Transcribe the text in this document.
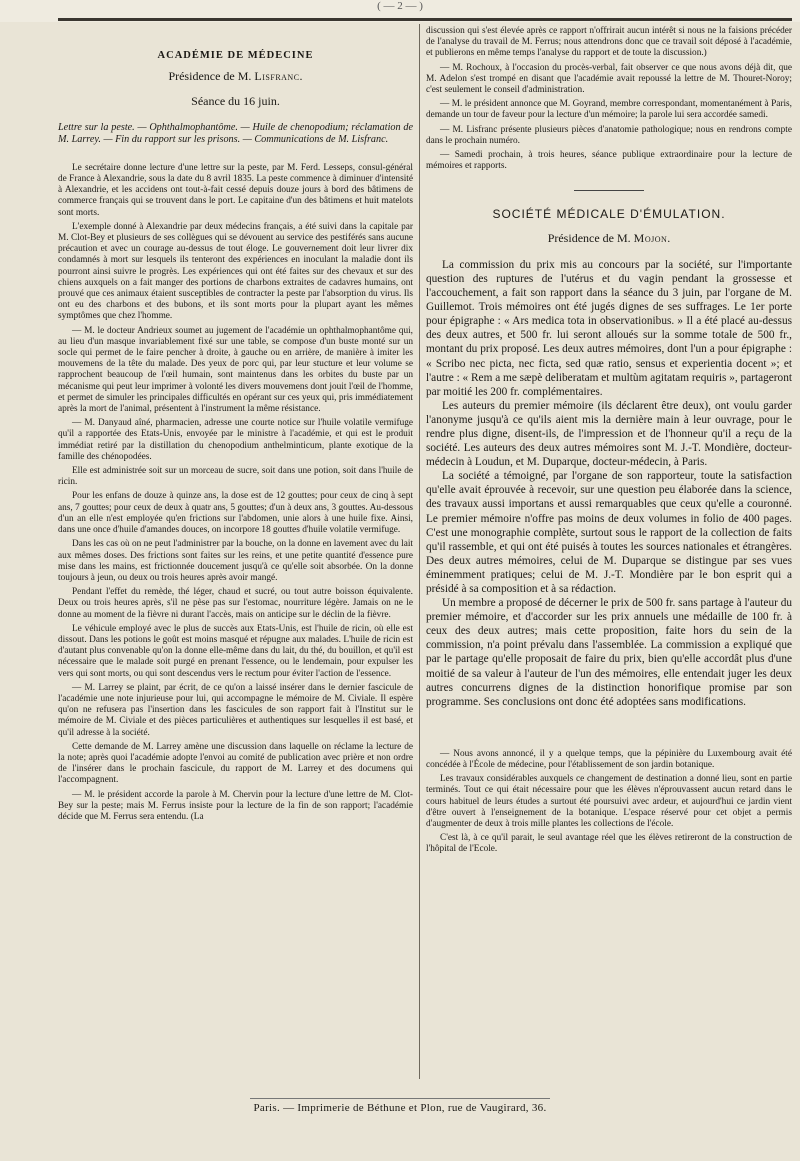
( — 2 — )
ACADÉMIE DE MÉDECINE
Présidence de M. Lisfranc.
Séance du 16 juin.
Lettre sur la peste. — Ophthalmophantôme. — Huile de chenopodium; réclamation de M. Larrey. — Fin du rapport sur les prisons. — Communications de M. Lisfranc.

Le secrétaire donne lecture d'une lettre sur la peste, par M. Ferd. Lesseps, consul-général de France à Alexandrie, sous la date du 8 avril 1835. La peste commence à diminuer d'intensité à Alexandrie, et les accidens ont tout-à-fait cessé depuis douze jours à bord des bâtimens de commerce français qui se trouvent dans le port. Le capitaine d'un des bâtimens et huit matelots sont morts.

L'exemple donné à Alexandrie par deux médecins français, a été suivi dans la capitale par M. Clot-Bey et plusieurs de ses collègues qui se dévouent au service des pestiférés sans aucune précaution et avec un courage au-dessus de tout éloge. Le gouvernement doit leur livrer dix condamnés à mort sur lesquels ils tenteront des expériences en inoculant la maladie dont ils pourront ainsi suivre le progrès. Les expériences qui ont été faites sur des chevaux et sur des chiens auxquels on a fait manger des portions de charbons extraites de cadavres humains, ont prouvé que ces animaux étaient susceptibles de contracter la peste par l'absorption du virus. Ils ont eu des charbons et des bubons, et ils sont morts pour la plupart ayant les mêmes symptômes que chez l'homme.

— M. le docteur Andrieux soumet au jugement de l'académie un ophthalmophantôme qui, au lieu d'un masque invariablement fixé sur une table, se compose d'un buste monté sur un socle qui permet de le faire pencher à droite, à gauche ou en arrière, de manière à imiter les mouvemens de la tête du malade. Des yeux de porc qui, par leur stucture et leur volume se rapprochent beaucoup de l'œil humain, sont maintenus dans les orbites du buste par un mécanisme qui peut leur imprimer à volonté les divers mouvemens dont jouit l'œil de l'homme, et permet de simuler les principales difficultés en opérant sur ces yeux qui, pris immédiatement après la mort de l'animal, présentent à l'instrument la même résistance.

— M. Danyaud aîné, pharmacien, adresse une courte notice sur l'huile volatile vermifuge qu'il a rapportée des Etats-Unis, envoyée par le ministre à l'académie, et qui est le produit immédiat retiré par la distillation du chenopodium anthelminticum, plante exotique de la famille des chénopodées.

Elle est administrée soit sur un morceau de sucre, soit dans une potion, soit dans l'huile de ricin.

Pour les enfans de douze à quinze ans, la dose est de 12 gouttes; pour ceux de cinq à sept ans, 7 gouttes; pour ceux de deux à quatr ans, 5 gouttes; d'un à deux ans, 3 gouttes. Au-dessous d'un an elle n'est employée qu'en frictions sur l'abdomen, unie alors à une huile fixe. Ainsi, dans une once d'huile d'amandes douces, on incorpore 18 gouttes d'huile volatile vermifuge.

Dans les cas où on ne peut l'administrer par la bouche, on la donne en lavement avec du lait aux mêmes doses. Des frictions sont faites sur les reins, et une petite quantité d'essence pure mise dans les mains, est frictionnée doucement jusqu'à ce qu'elle soit absorbée. On la donne toujours à jeun, ou deux ou trois heures après avoir mangé.

Pendant l'effet du remède, thé léger, chaud et sucré, ou tout autre boisson équivalente. Deux ou trois heures après, s'il ne pèse pas sur l'estomac, nourriture légère. Jamais on ne le donne au moment de la fièvre ni durant l'accès, mais on anticipe sur le déclin de la fièvre.

Le véhicule employé avec le plus de succès aux Etats-Unis, est l'huile de ricin, où elle est dissout. Dans les potions le goût est moins masqué et répugne aux malades. L'huile de ricin est d'autant plus convenable qu'on la donne elle-même dans du lait, du thé, du bouillon, et qu'il est nécessaire que le malade soit purgé en prenant l'essence, ou le lendemain, pour expulser les vers qui sont morts, ou qui sont descendus vers le rectum pour éviter l'action de l'essence.

— M. Larrey se plaint, par écrit, de ce qu'on a laissé insérer dans le dernier fascicule de l'académie une note injurieuse pour lui, qui accompagne le mémoire de M. Civiale. Il espère qu'on ne refusera pas l'insertion dans les fascicules de son rapport fait à l'Institut sur le mémoire de M. Civiale et des pièces particulières et authentiques sur lesquelles il est basé, et qu'il adresse à la société.

Cette demande de M. Larrey amène une discussion dans laquelle on réclame la lecture de la note; après quoi l'académie adopte l'envoi au comité de publication avec prière et non ordre de l'insérer dans le prochain fascicule, du rapport de M. Larrey et des documens qui l'accompagnent.

— M. le président accorde la parole à M. Chervin pour la lecture d'une lettre de M. Clot-Bey sur la peste; mais M. Ferrus insiste pour la lecture de la fin de son rapport; l'académie décide que M. Ferrus sera entendu. (La

discussion qui s'est élevée après ce rapport n'offrirait aucun intérêt si nous ne la faisions précéder de l'analyse du travail de M. Ferrus; nous attendrons donc que ce travail soit déposé à l'académie, et publierons en même temps l'analyse du rapport et de toute la discussion.)

— M. Rochoux, à l'occasion du procès-verbal, fait observer ce que nous avons déjà dit, que M. Adelon s'est trompé en disant que l'académie avait repoussé la lettre de M. Thouret-Noroy; c'est seulement le conseil d'administration.

— M. le président annonce que M. Goyrand, membre correspondant, momentanément à Paris, demande un tour de faveur pour la lecture d'un mémoire; la parole lui sera accordée samedi.

— M. Lisfranc présente plusieurs pièces d'anatomie pathologique; nous en rendrons compte dans le prochain numéro.

— Samedi prochain, à trois heures, séance publique extraordinaire pour la lecture de mémoires et rapports.

SOCIÉTÉ MÉDICALE D'ÉMULATION.
Présidence de M. Mojon.

La commission du prix mis au concours par la société, sur l'importante question des ruptures de l'utérus et du vagin pendant la grossesse et l'accouchement, a fait son rapport dans la séance du 3 juin, par l'organe de M. Guillemot. Trois mémoires ont été jugés dignes de ses suffrages. Le 1er porte pour épigraphe : « Ars medica tota in observationibus. » Il a été placé au-dessus des deux autres, et 500 fr. lui seront alloués sur la somme totale de 500 fr., montant du prix proposé. Les deux autres mémoires, dont l'un a pour épigraphe : « Scribo nec picta, nec ficta, sed quæ ratio, sensus et experientia docent »; et l'autre : « Rem a me sæpè deliberatam et multùm agitatam requiris », partageront par moitié les 200 fr. complémentaires.

Les auteurs du premier mémoire (ils déclarent être deux), ont voulu garder l'anonyme jusqu'à ce qu'ils aient mis la dernière main à leur ouvrage, pour le rendre plus digne, disent-ils, de l'impression et de l'honneur qu'il a reçu de la société. Les auteurs des deux autres mémoires sont M. J.-T. Mondière, docteur-médecin à Loudun, et M. Duparque, docteur-médecin, à Paris.

La société a témoigné, par l'organe de son rapporteur, toute la satisfaction qu'elle avait éprouvée à recevoir, sur une question peu élaborée dans la science, des travaux aussi importans et aussi remarquables que ceux qu'elle a couronné. Le premier mémoire n'offre pas moins de deux volumes in folio de 400 pages. C'est une monographie complète, surtout sous le rapport de la collection de faits qu'il rassemble, et qui ont été puisés à toutes les sources nationales et étrangères. Des deux autres mémoires, celui de M. Duparque se distingue par ses vues éminemment pratiques; celui de M. J.-T. Mondière par le bon esprit qui a présidé à sa composition et à sa rédaction.

Un membre a proposé de décerner le prix de 500 fr. sans partage à l'auteur du premier mémoire, et d'accorder sur les prix annuels une médaille de 100 fr. à ceux des deux autres; mais cette proposition, faite hors du sein de la commission, n'a point prévalu dans l'assemblée. La commission a expliqué que par le partage qu'elle proposait de faire du prix, bien qu'elle accordât plus d'une moitié de sa valeur à l'auteur de l'un des mémoires, elle entendait juger les deux autres concurrens dignes de la distinction honorifique promise par son programme. Ses conclusions ont donc été adoptées sans modifications.

— Nous avons annoncé, il y a quelque temps, que la pépinière du Luxembourg avait été concédée à l'École de médecine, pour l'établissement de son jardin botanique.

Les travaux considérables auxquels ce changement de destination a donné lieu, sont en partie terminés. Tout ce qui était nécessaire pour que les élèves n'éprouvassent aucun retard dans le cours habituel de leurs études a surtout été poursuivi avec ardeur, et aujourd'hui ce jardin vient d'être ouvert à l'enseignement de la botanique. L'espace réservé pour cet objet a permis d'augmenter de deux à trois mille plantes les collections de l'école.

C'est là, à ce qu'il parait, le seul avantage réel que les élèves retireront de la construction de l'hôpital de l'Ecole.

Paris. — Imprimerie de Béthune et Plon, rue de Vaugirard, 36.
